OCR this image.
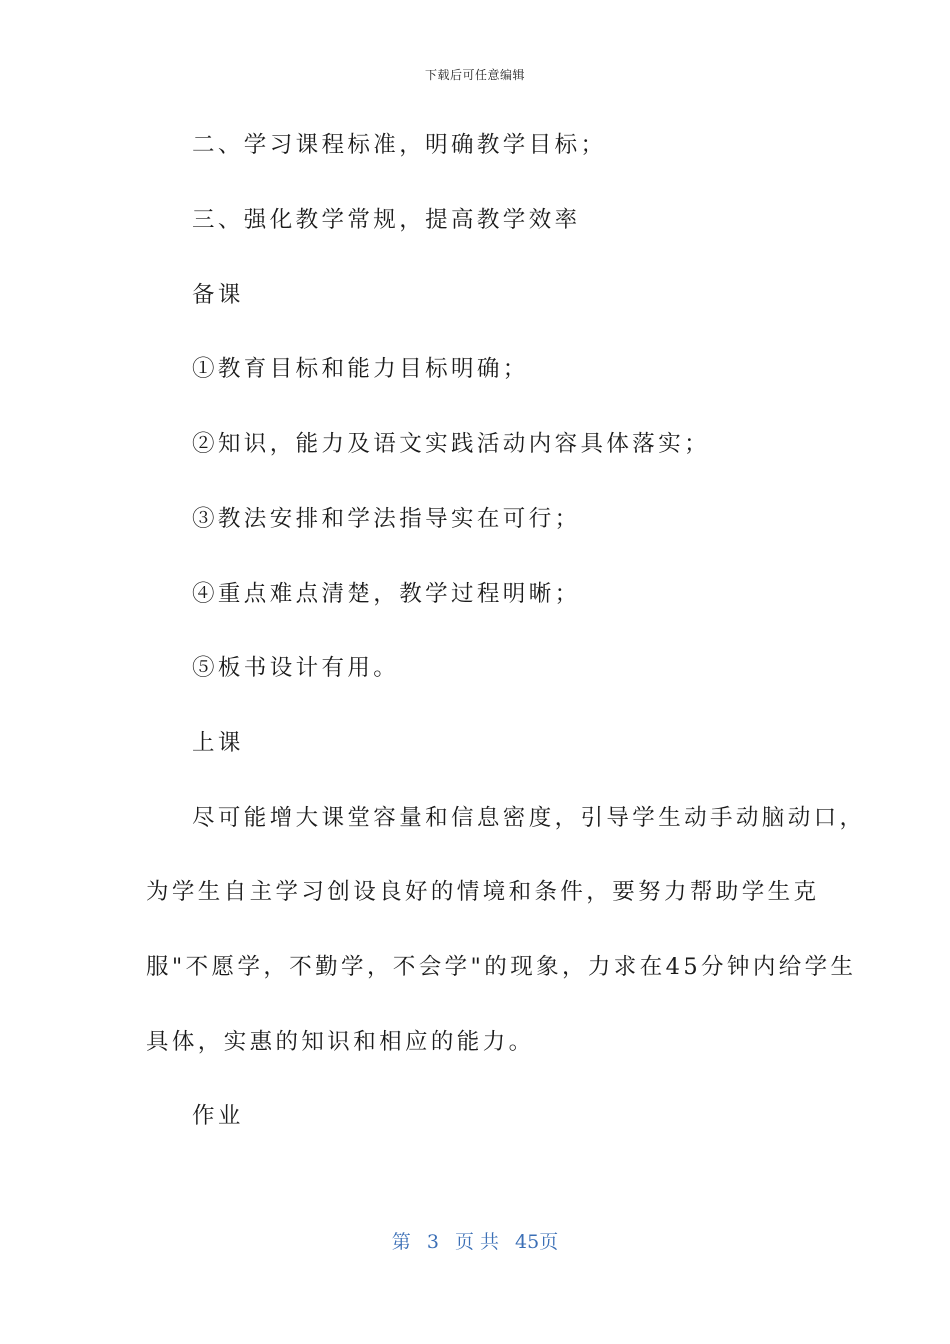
下载后可任意编辑
二、学习课程标准，明确教学目标；
三、强化教学常规，提高教学效率
备课
①教育目标和能力目标明确；
②知识，能力及语文实践活动内容具体落实；
③教法安排和学法指导实在可行；
④重点难点清楚，教学过程明晰；
⑤板书设计有用。
上课
尽可能增大课堂容量和信息密度，引导学生动手动脑动口，
为学生自主学习创设良好的情境和条件，要努力帮助学生克
服"不愿学，不勤学，不会学"的现象，力求在45分钟内给学生
具体，实惠的知识和相应的能力。
作业
第 3 页 共 45页
